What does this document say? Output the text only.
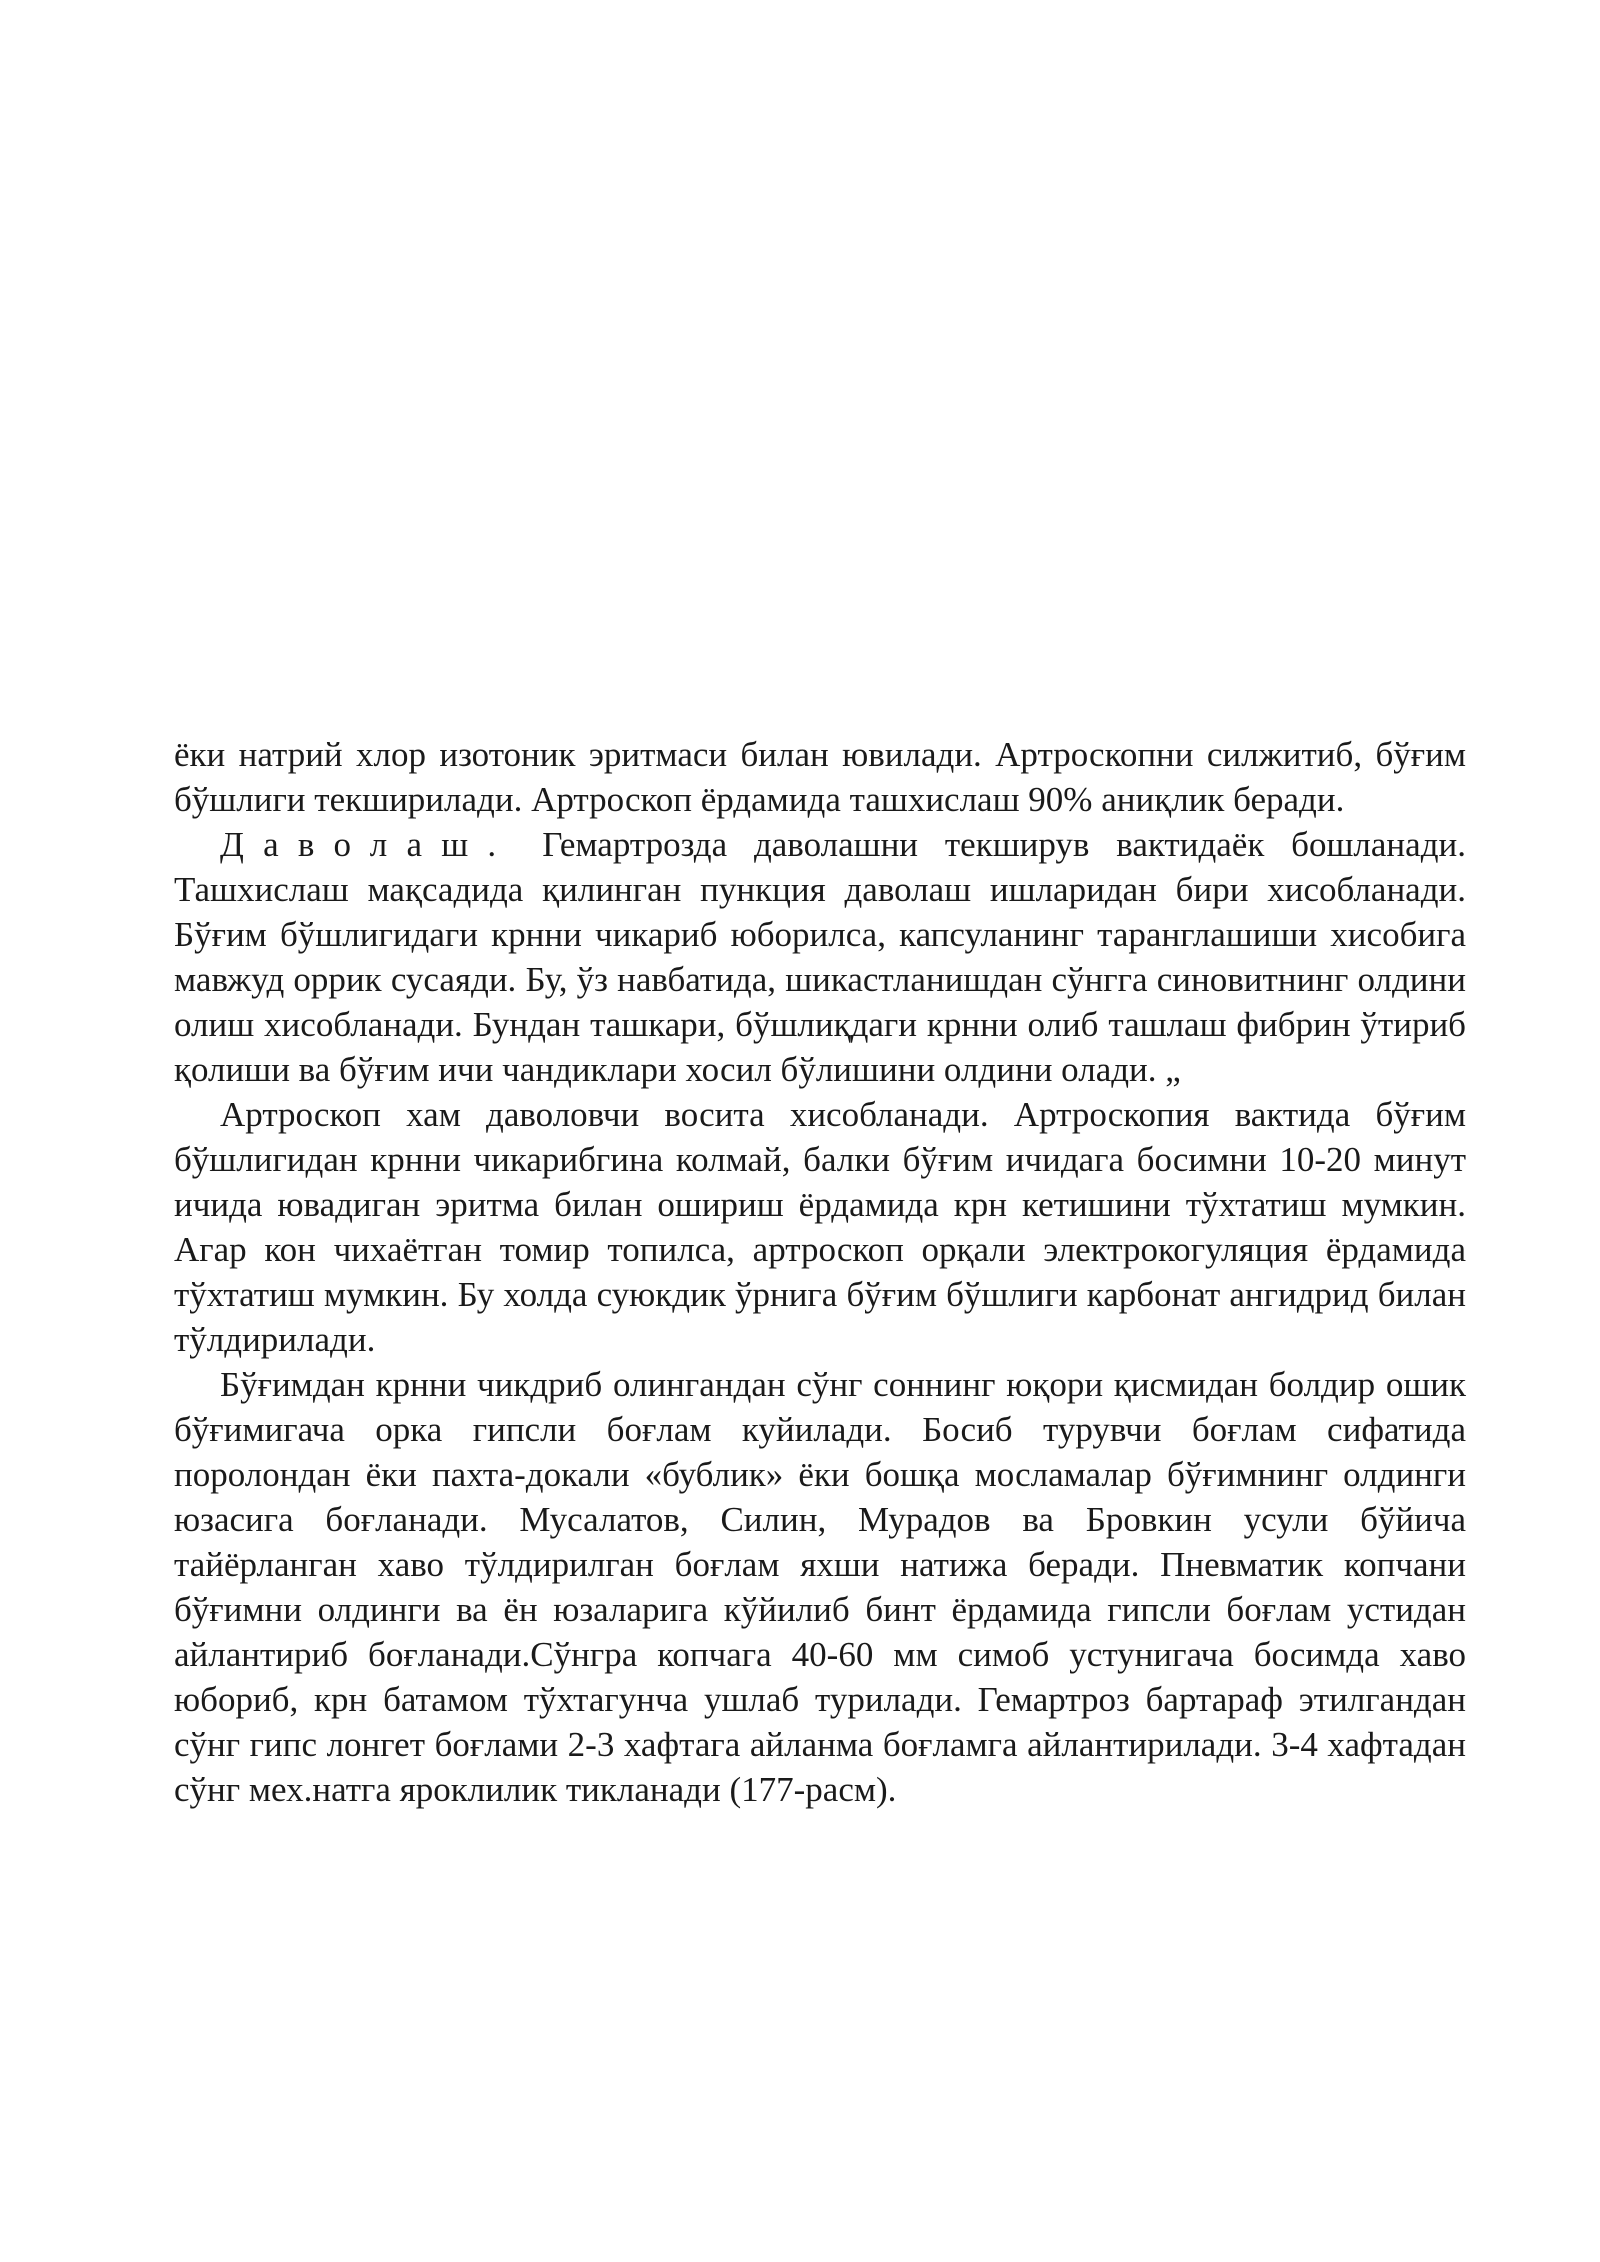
ёки натрий хлор изотоник эритмаси билан ювилади. Артроскопни силжитиб, бўғим бўшлиги текширилади. Артроскоп ёрдамида ташхислаш 90% аниқлик беради.

Даволаш. Гемартрозда даволашни текширув вактидаёк бошланади. Ташхислаш мақсадида қилинган пункция даволаш ишларидан бири хисобланади. Бўғим бўшлигидаги крнни чикариб юборилса, капсуланинг таранглашиши хисобига мавжуд оррик сусаяди. Бу, ўз навбатида, шикастланишдан сўнгга синовитнинг олдини олиш хисобланади. Бундан ташкари, бўшлиқдаги крнни олиб ташлаш фибрин ўтириб қолиши ва бўғим ичи чандиклари хосил бўлишини олдини олади. „

Артроскоп хам даволовчи восита хисобланади. Артроскопия вактида бўғим бўшлигидан крнни чикарибгина колмай, балки бўғим ичидага босимни 10-20 минут ичида ювадиган эритма билан ошириш ёрдамида крн кетишини тўхтатиш мумкин. Агар кон чихаётган томир топилса, артроскоп орқали электрокогуляция ёрдамида тўхтатиш мумкин. Бу холда суюкдик ўрнига бўғим бўшлиги карбонат ангидрид билан тўлдирилади.

Бўғимдан крнни чикдриб олингандан сўнг соннинг юқори қисмидан болдир ошик бўғимигача орка гипсли боғлам куйилади. Босиб турувчи боғлам сифатида поролондан ёки пахта-докали «бублик» ёки бошқа мосламалар бўғимнинг олдинги юзасига боғланади. Мусалатов, Силин, Мурадов ва Бровкин усули бўйича тайёрланган хаво тўлдирилган боғлам яхши натижа беради. Пневматик копчани бўғимни олдинги ва ён юзаларига кўйилиб бинт ёрдамида гипсли боғлам устидан айлантириб боғланади.Сўнгра копчага 40-60 мм симоб устунигача босимда хаво юбориб, крн батамом тўхтагунча ушлаб турилади. Гемартроз бартараф этилгандан сўнг гипс лонгет боғлами 2-3 хафтага айланма боғламга айлантирилади. 3-4 хафтадан сўнг мех.натга яроклилик тикланади (177-расм).
